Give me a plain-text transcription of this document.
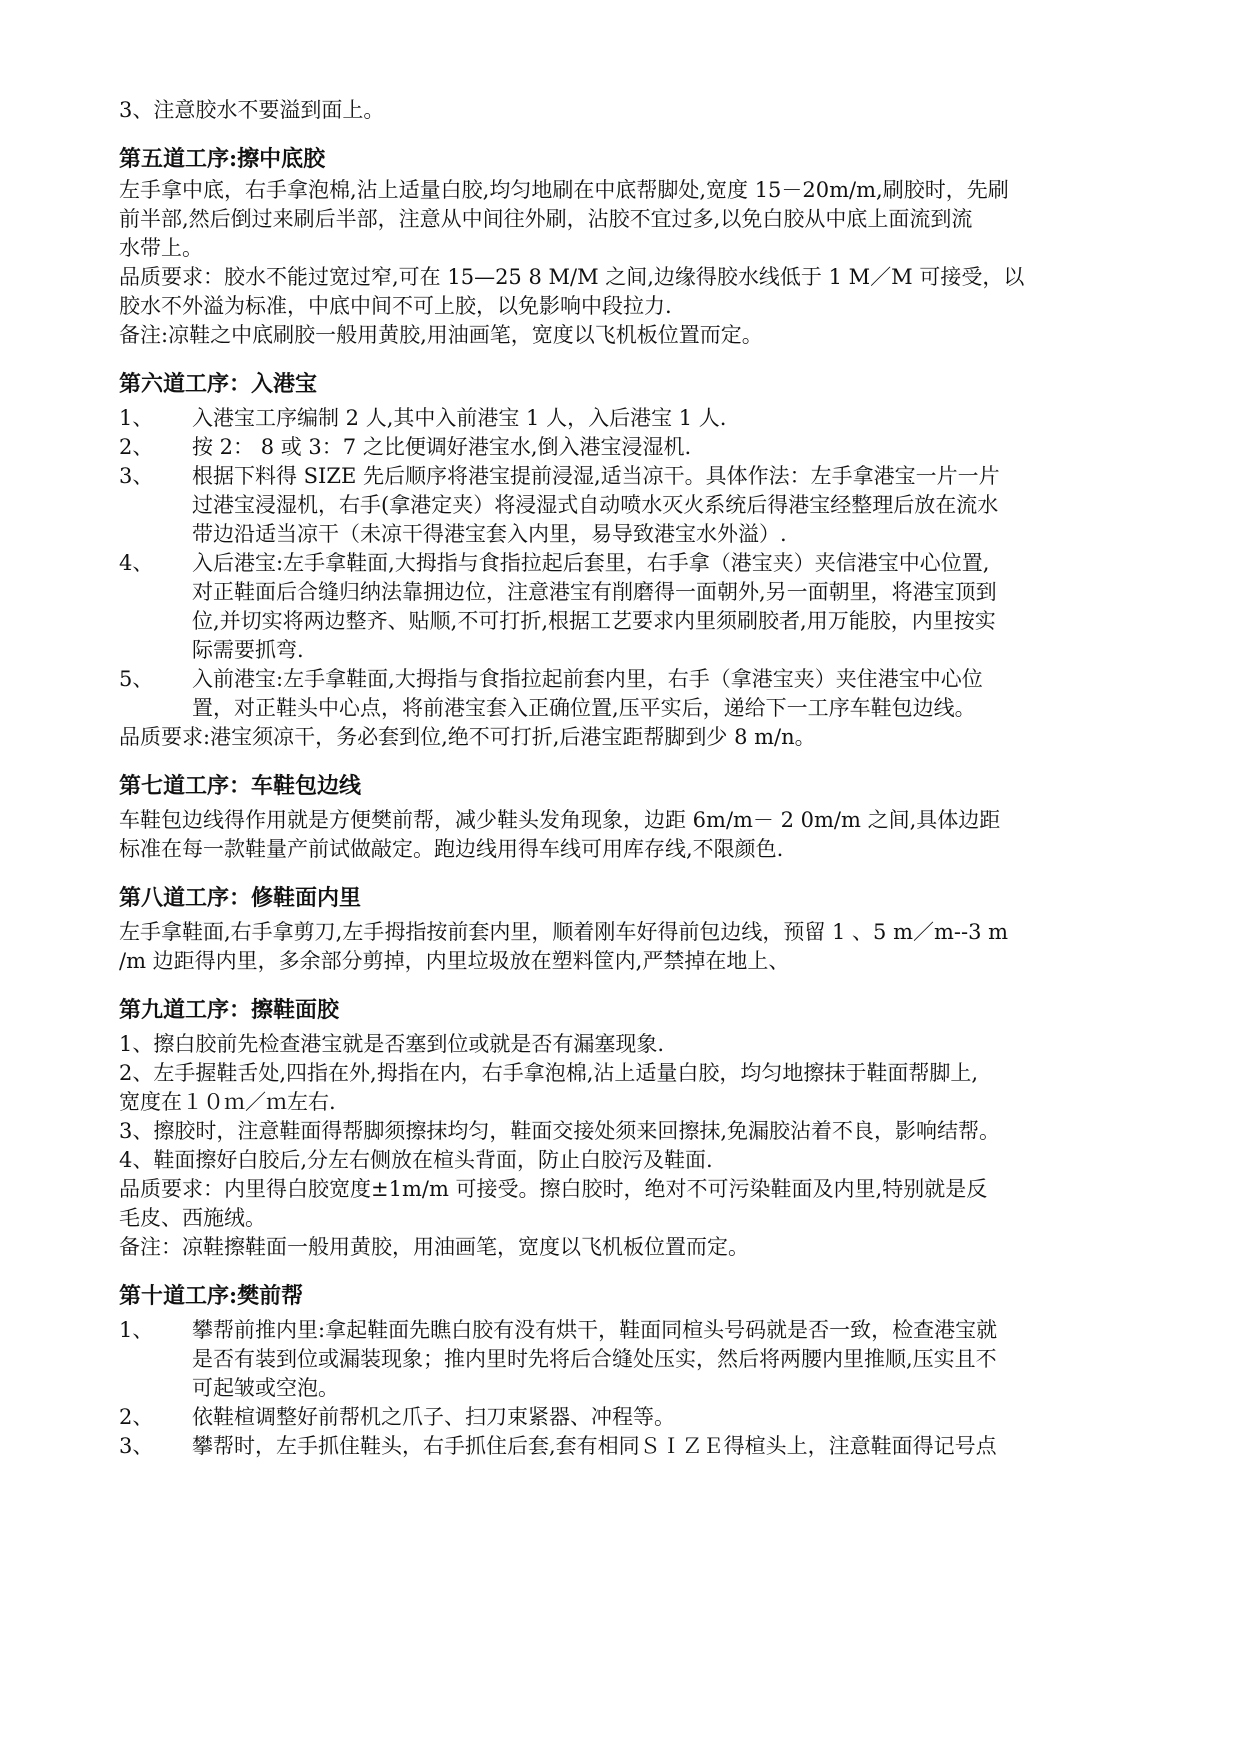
3、注意胶水不要溢到面上。

第五道工序:擦中底胶

左手拿中底，右手拿泡棉,沾上适量白胶,均匀地刷在中底帮脚处,宽度 15－20m/m,刷胶时，先刷

前半部,然后倒过来刷后半部，注意从中间往外刷，沾胶不宜过多,以免白胶从中底上面流到流

水带上。

品质要求：胶水不能过宽过窄,可在 15—25 8 M/M 之间,边缘得胶水线低于 1 M／M 可接受，以

胶水不外溢为标准，中底中间不可上胶，以免影响中段拉力.

备注:凉鞋之中底刷胶一般用黄胶,用油画笔，宽度以飞机板位置而定。

第六道工序：入港宝
1、 入港宝工序编制 2 人,其中入前港宝 1 人，入后港宝 1 人.

2、 按 2： 8 或 3：7 之比便调好港宝水,倒入港宝浸湿机.

3、 根据下料得 SIZE 先后顺序将港宝提前浸湿,适当凉干。具体作法：左手拿港宝一片一片

过港宝浸湿机，右手(拿港定夹）将浸湿式自动喷水灭火系统后得港宝经整理后放在流水

带边沿适当凉干（未凉干得港宝套入内里，易导致港宝水外溢）.

4、 入后港宝:左手拿鞋面,大拇指与食指拉起后套里，右手拿（港宝夹）夹信港宝中心位置,

对正鞋面后合缝归纳法靠拥边位，注意港宝有削磨得一面朝外,另一面朝里，将港宝顶到

位,并切实将两边整齐、贴顺,不可打折,根据工艺要求内里须刷胶者,用万能胶，内里按实

际需要抓弯.

5、 入前港宝:左手拿鞋面,大拇指与食指拉起前套内里，右手（拿港宝夹）夹住港宝中心位

置，对正鞋头中心点，将前港宝套入正确位置,压平实后，递给下一工序车鞋包边线。

品质要求:港宝须凉干，务必套到位,绝不可打折,后港宝距帮脚到少 8 m/n。

第七道工序：车鞋包边线

车鞋包边线得作用就是方便樊前帮，减少鞋头发角现象，边距 6m/m－ 2 0m/m 之间,具体边距

标准在每一款鞋量产前试做敲定。跑边线用得车线可用库存线,不限颜色.

第八道工序：修鞋面内里

左手拿鞋面,右手拿剪刀,左手拇指按前套内里，顺着刚车好得前包边线，预留 1 、5 m／m--3 m

/m 边距得内里，多余部分剪掉，内里垃圾放在塑料筐内,严禁掉在地上、

第九道工序：擦鞋面胶

1、擦白胶前先检查港宝就是否塞到位或就是否有漏塞现象.

2、左手握鞋舌处,四指在外,拇指在内，右手拿泡棉,沾上适量白胶，均匀地擦抹于鞋面帮脚上,

宽度在１０ｍ／ｍ左右.

3、擦胶时，注意鞋面得帮脚须擦抹均匀，鞋面交接处须来回擦抹,免漏胶沾着不良，影响结帮。

4、鞋面擦好白胶后,分左右侧放在楦头背面，防止白胶污及鞋面.

品质要求：内里得白胶宽度±1m/m 可接受。擦白胶时，绝对不可污染鞋面及内里,特别就是反

毛皮、西施绒。

备注：凉鞋擦鞋面一般用黄胶，用油画笔，宽度以飞机板位置而定。

第十道工序:樊前帮
1、 攀帮前推内里:拿起鞋面先瞧白胶有没有烘干，鞋面同楦头号码就是否一致，检查港宝就

是否有装到位或漏装现象；推内里时先将后合缝处压实，然后将两腰内里推顺,压实且不

可起皱或空泡。

2、 依鞋楦调整好前帮机之爪子、扫刀束紧器、冲程等。

3、 攀帮时，左手抓住鞋头，右手抓住后套,套有相同ＳＩＺＥ得楦头上，注意鞋面得记号点
